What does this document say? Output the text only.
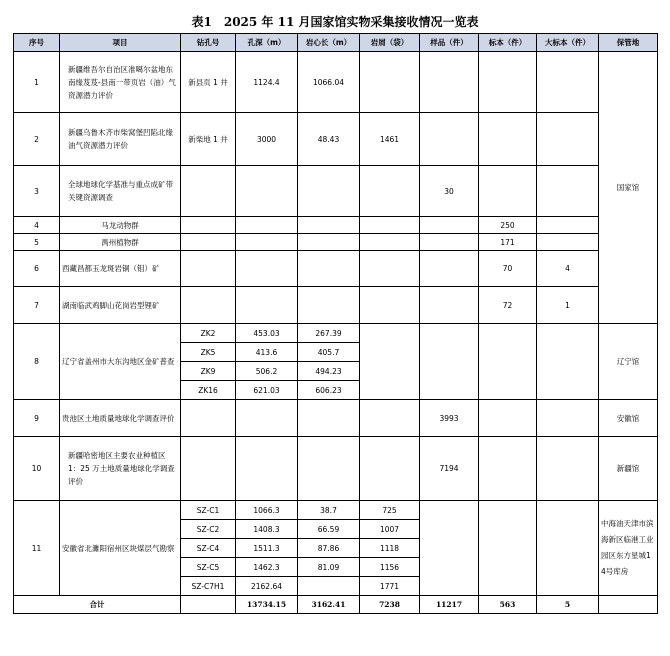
表1　2025 年 11 月国家馆实物采集接收情况一览表
序号	项目	钻孔号	孔深（m）	岩心长（m）	岩屑（袋）	样品（件）	标本（件）	大标本（件）	保管地
1	新疆维吾尔自治区准噶尔盆地东南缘芨芨-县南一带页岩（油）气资源潜力评价	新县页 1 井	1124.4	1066.04					国家馆
2	新疆乌鲁木齐市柴窝堡凹陷北缘油气资源潜力评价	新柴地 1 井	3000	48.43	1461				
3	全球地球化学基准与重点成矿带关键资源调查					30			
4	马龙动物群						250		
5	禺州植物群						171		
6	西藏昌都玉龙斑岩铜（钼）矿						70	4	
7	湖南临武鸡脚山花岗岩型锂矿						72	1	
8	辽宁省盖州市大东沟地区金矿普查	ZK2	453.03	267.39					辽宁馆
		ZK5	413.6	405.7					
		ZK9	506.2	494.23					
		ZK16	621.03	606.23					
9	贵池区土地质量地球化学调查评价					3993			安徽馆
10	新疆哈密地区主要农业种植区 1：25 万土地质量地球化学调查评价					7194			新疆馆
11	安徽省北濉阳宿州区块煤层气勘察	SZ-C1	1066.3	38.7	725				中海油天津市滨海新区临港工业园区东方星城14号库房
		SZ-C2	1408.3	66.59	1007				
		SZ-C4	1511.3	87.86	1118				
		SZ-C5	1462.3	81.09	1156				
		SZ-C7H1	2162.64		1771				
合计			13734.15	3162.41	7238	11217	563	5	
